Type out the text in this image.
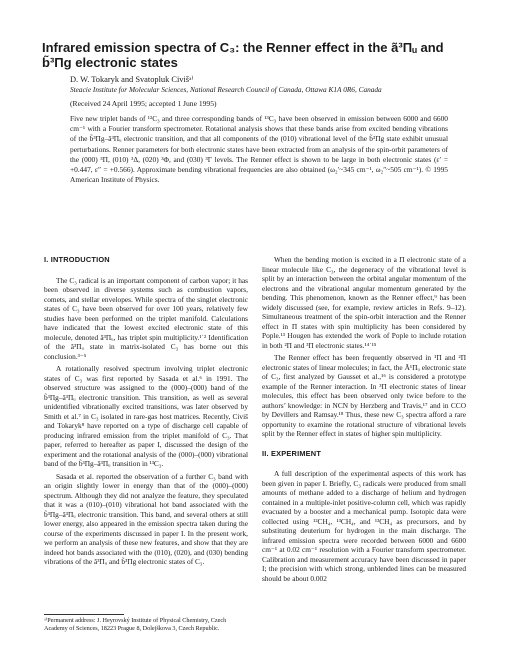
Infrared emission spectra of C₃: the Renner effect in the ã³Πᵤ and b̃³Πg electronic states
D. W. Tokaryk and Svatopluk Civišᵃ⁾
Steacie Institute for Molecular Sciences, National Research Council of Canada, Ottawa K1A 0R6, Canada
(Received 24 April 1995; accepted 1 June 1995)

Five new triplet bands of ¹²C₃ and three corresponding bands of ¹³C₃ have been observed in emission between 6000 and 6600 cm⁻¹ with a Fourier transform spectrometer. Rotational analysis shows that these bands arise from excited bending vibrations of the b̃³Πg–ã³Πᵤ electronic transition, and that all components of the (010) vibrational level of the b̃³Πg state exhibit unusual perturbations. Renner parameters for both electronic states have been extracted from an analysis of the spin-orbit parameters of the (000) ³Π, (010) ³Δ, (020) ³Φ, and (030) ³Γ levels. The Renner effect is shown to be large in both electronic states (ε′ = +0.447, ε″ = +0.566). Approximate bending vibrational frequencies are also obtained (ω₂′~345 cm⁻¹, ω₂″~505 cm⁻¹). © 1995 American Institute of Physics.

I. INTRODUCTION

The C₃ radical is an important component of carbon vapor; it has been observed in diverse systems such as combustion vapors, comets, and stellar envelopes. While spectra of the singlet electronic states of C₃ have been observed for over 100 years, relatively few studies have been performed on the triplet manifold. Calculations have indicated that the lowest excited electronic state of this molecule, denoted ã³Πᵤ, has triplet spin multiplicity.¹ˈ² Identification of the ã³Πᵤ state in matrix-isolated C₃ has borne out this conclusion.³⁻⁵

A rotationally resolved spectrum involving triplet electronic states of C₃ was first reported by Sasada et al.⁶ in 1991. The observed structure was assigned to the (000)–(000) band of the b̃³Πg–ã³Πᵤ electronic transition. This transition, as well as several unidentified vibrationally excited transitions, was later observed by Smith et al.⁷ in C₃ isolated in rare-gas host matrices. Recently, Civiš and Tokaryk⁸ have reported on a type of discharge cell capable of producing infrared emission from the triplet manifold of C₃. That paper, referred to hereafter as paper I, discussed the design of the experiment and the rotational analysis of the (000)–(000) vibrational band of the b̃³Πg–ã³Πᵤ transition in ¹³C₃.

Sasada et al. reported the observation of a further C₃ band with an origin slightly lower in energy than that of the (000)–(000) spectrum. Although they did not analyze the feature, they speculated that it was a (010)–(010) vibrational hot band associated with the b̃³Πg–ã³Πᵤ electronic transition. This band, and several others at still lower energy, also appeared in the emission spectra taken during the course of the experiments discussed in paper I. In the present work, we perform an analysis of these new features, and show that they are indeed hot bands associated with the (010), (020), and (030) bending vibrations of the ã³Πᵤ and b̃³Πg electronic states of C₃.

When the bending motion is excited in a Π electronic state of a linear molecule like C₃, the degeneracy of the vibrational level is split by an interaction between the orbital angular momentum of the electrons and the vibrational angular momentum generated by the bending. This phenomenon, known as the Renner effect,⁹ has been widely discussed (see, for example, review articles in Refs. 9–12). Simultaneous treatment of the spin-orbit interaction and the Renner effect in Π states with spin multiplicity has been considered by Pople.¹³ Hougen has extended the work of Pople to include rotation in both ²Π and ³Π electronic states.¹⁴ˈ¹⁵

The Renner effect has been frequently observed in ¹Π and ²Π electronic states of linear molecules; in fact, the Ã¹Πᵤ electronic state of C₃, first analyzed by Gausset et al.,¹⁶ is considered a prototype example of the Renner interaction. In ³Π electronic states of linear molecules, this effect has been observed only twice before to the authors’ knowledge: in NCN by Herzberg and Travis,¹⁷ and in CCO by Devillers and Ramsay.¹⁸ Thus, these new C₃ spectra afford a rare opportunity to examine the rotational structure of vibrational levels split by the Renner effect in states of higher spin multiplicity.

II. EXPERIMENT

A full description of the experimental aspects of this work has been given in paper I. Briefly, C₃ radicals were produced from small amounts of methane added to a discharge of helium and hydrogen contained in a multiple-inlet positive-column cell, which was rapidly evacuated by a booster and a mechanical pump. Isotopic data were collected using ¹²CH₄, ¹³CH₄, and ¹³CH₄ as precursors, and by substituting deuterium for hydrogen in the main discharge. The infrared emission spectra were recorded between 6000 and 6600 cm⁻¹ at 0.02 cm⁻¹ resolution with a Fourier transform spectrometer. Calibration and measurement accuracy have been discussed in paper I; the precision with which strong, unblended lines can be measured should be about 0.002

ᵃ⁾Permanent address: J. Heyrovský Institute of Physical Chemistry, Czech Academy of Sciences, 18223 Prague 8, Dolejškova 3, Czech Republic.
